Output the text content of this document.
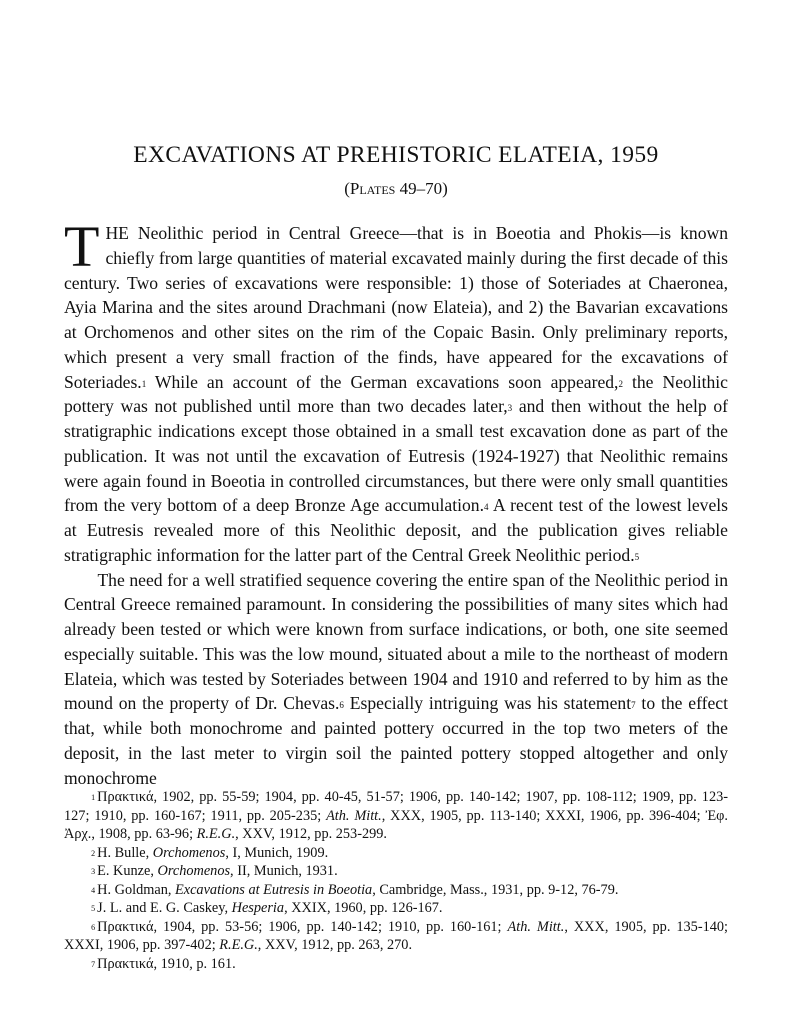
EXCAVATIONS AT PREHISTORIC ELATEIA, 1959

(Plates 49–70)

THE Neolithic period in Central Greece—that is in Boeotia and Phokis—is known chiefly from large quantities of material excavated mainly during the first decade of this century. Two series of excavations were responsible: 1) those of Soteriades at Chaeronea, Ayia Marina and the sites around Drachmani (now Elateia), and 2) the Bavarian excavations at Orchomenos and other sites on the rim of the Copaic Basin. Only preliminary reports, which present a very small fraction of the finds, have appeared for the excavations of Soteriades.$^1$ While an account of the German excavations soon appeared,$^2$ the Neolithic pottery was not published until more than two decades later,$^3$ and then without the help of stratigraphic indications except those obtained in a small test excavation done as part of the publication. It was not until the excavation of Eutresis (1924-1927) that Neolithic remains were again found in Boeotia in controlled circumstances, but there were only small quantities from the very bottom of a deep Bronze Age accumulation.$^4$ A recent test of the lowest levels at Eutresis revealed more of this Neolithic deposit, and the publication gives reliable stratigraphic information for the latter part of the Central Greek Neolithic period.$^5$

The need for a well stratified sequence covering the entire span of the Neolithic period in Central Greece remained paramount. In considering the possibilities of many sites which had already been tested or which were known from surface indications, or both, one site seemed especially suitable. This was the low mound, situated about a mile to the northeast of modern Elateia, which was tested by Soteriades between 1904 and 1910 and referred to by him as the mound on the property of Dr. Chevas.$^6$ Especially intriguing was his statement$^7$ to the effect that, while both monochrome and painted pottery occurred in the top two meters of the deposit, in the last meter to virgin soil the painted pottery stopped altogether and only monochrome

$^1$ Πρακτικά, 1902, pp. 55-59; 1904, pp. 40-45, 51-57; 1906, pp. 140-142; 1907, pp. 108-112; 1909, pp. 123-127; 1910, pp. 160-167; 1911, pp. 205-235; Ath. Mitt., XXX, 1905, pp. 113-140; XXXI, 1906, pp. 396-404; Ἐφ. Ἀρχ., 1908, pp. 63-96; R.E.G., XXV, 1912, pp. 253-299.

$^2$ H. Bulle, Orchomenos, I, Munich, 1909.

$^3$ E. Kunze, Orchomenos, II, Munich, 1931.

$^4$ H. Goldman, Excavations at Eutresis in Boeotia, Cambridge, Mass., 1931, pp. 9-12, 76-79.

$^5$ J. L. and E. G. Caskey, Hesperia, XXIX, 1960, pp. 126-167.

$^6$ Πρακτικά, 1904, pp. 53-56; 1906, pp. 140-142; 1910, pp. 160-161; Ath. Mitt., XXX, 1905, pp. 135-140; XXXI, 1906, pp. 397-402; R.E.G., XXV, 1912, pp. 263, 270.

$^7$ Πρακτικά, 1910, p. 161.
